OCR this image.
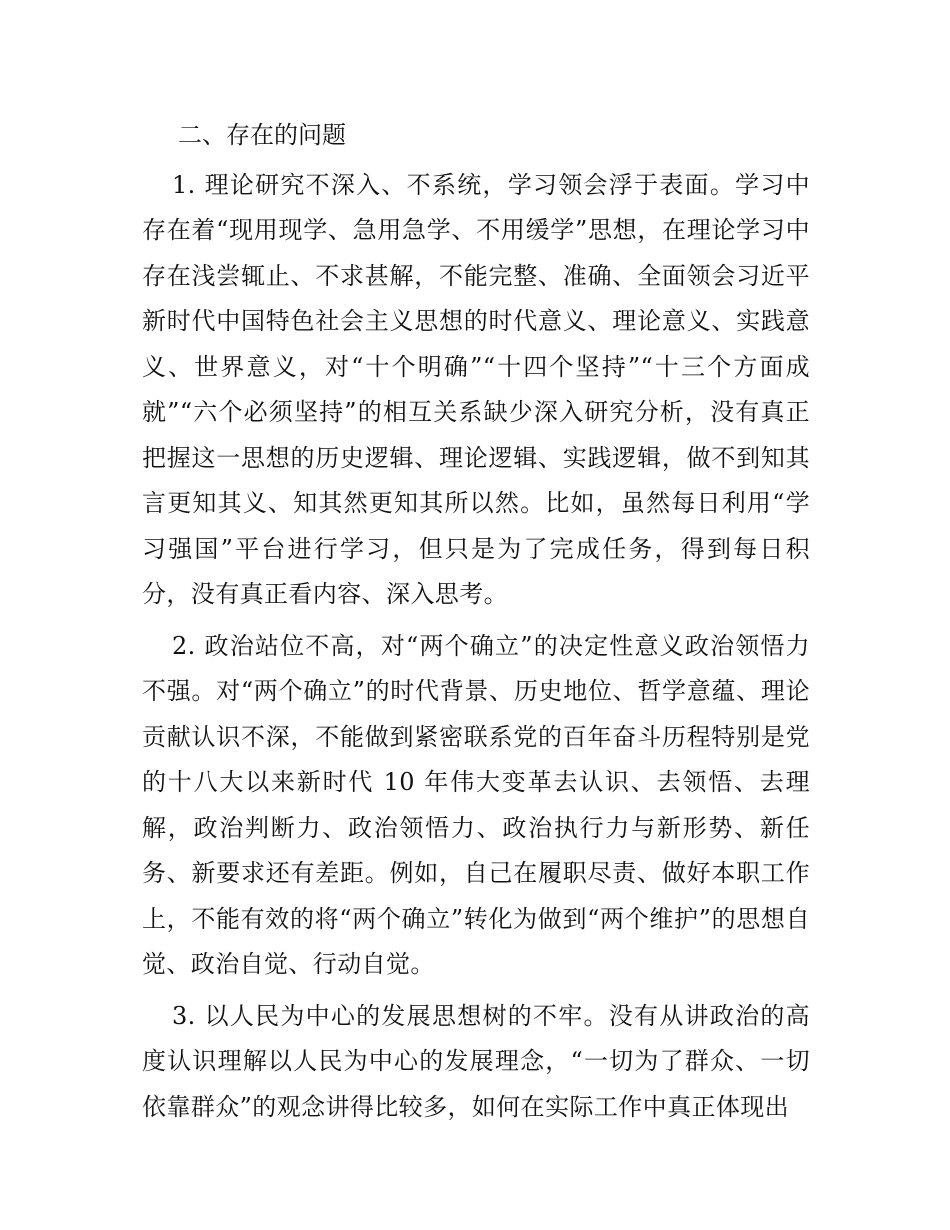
二、存在的问题

1. 理论研究不深入、不系统，学习领会浮于表面。学习中存在着“现用现学、急用急学、不用缓学”思想，在理论学习中存在浅尝辄止、不求甚解，不能完整、准确、全面领会习近平新时代中国特色社会主义思想的时代意义、理论意义、实践意义、世界意义，对“十个明确”“十四个坚持”“十三个方面成就”“六个必须坚持”的相互关系缺少深入研究分析，没有真正把握这一思想的历史逻辑、理论逻辑、实践逻辑，做不到知其言更知其义、知其然更知其所以然。比如，虽然每日利用“学习强国”平台进行学习，但只是为了完成任务，得到每日积分，没有真正看内容、深入思考。

2. 政治站位不高，对“两个确立”的决定性意义政治领悟力不强。对“两个确立”的时代背景、历史地位、哲学意蕴、理论贡献认识不深，不能做到紧密联系党的百年奋斗历程特别是党的十八大以来新时代 10 年伟大变革去认识、去领悟、去理解，政治判断力、政治领悟力、政治执行力与新形势、新任务、新要求还有差距。例如，自己在履职尽责、做好本职工作上，不能有效的将“两个确立”转化为做到“两个维护”的思想自觉、政治自觉、行动自觉。

3. 以人民为中心的发展思想树的不牢。没有从讲政治的高度认识理解以人民为中心的发展理念，“一切为了群众、一切依靠群众”的观念讲得比较多，如何在实际工作中真正体现出
